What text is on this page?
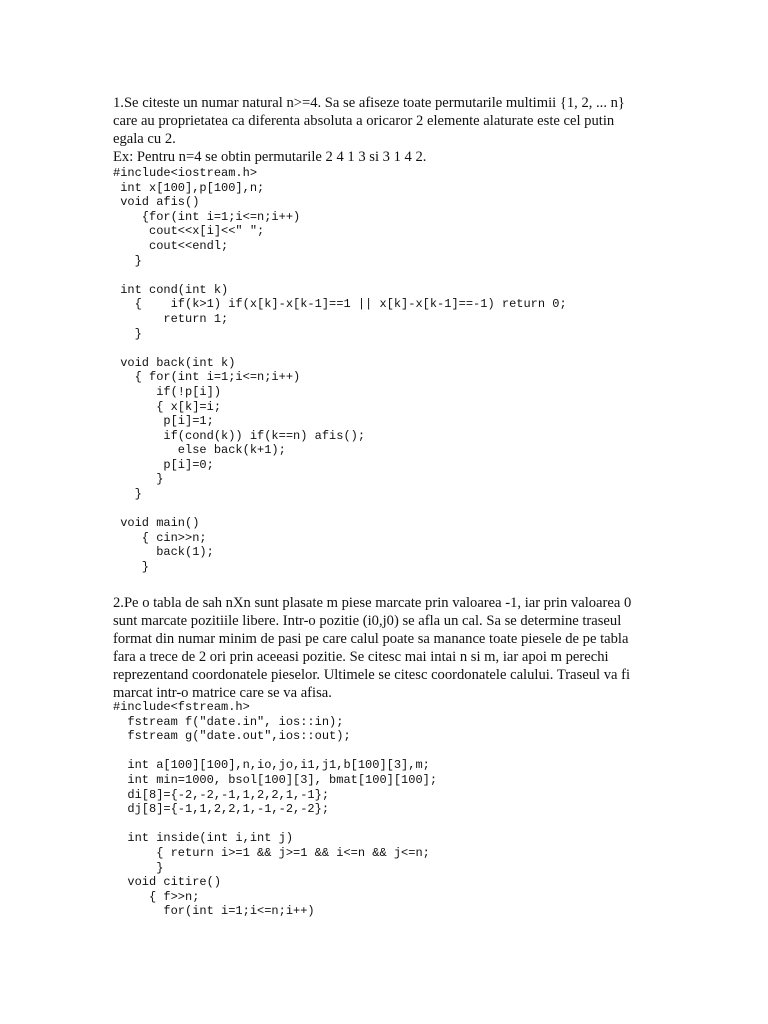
1.Se citeste un numar natural n>=4. Sa se afiseze toate permutarile multimii {1, 2, ... n}
care au proprietatea ca diferenta absoluta a oricaror 2 elemente alaturate este cel putin
egala cu 2.
Ex: Pentru n=4 se obtin permutarile 2 4 1 3 si 3 1 4 2.
#include<iostream.h>
int x[100],p[100],n;
void afis()
{for(int i=1;i<=n;i++)
cout<<x[i]<<" ";
cout<<endl;
}
int cond(int k)
{    if(k>1) if(x[k]-x[k-1]==1 || x[k]-x[k-1]==-1) return 0;
return 1;
}
void back(int k)
{ for(int i=1;i<=n;i++)
if(!p[i])
{ x[k]=i;
p[i]=1;
if(cond(k)) if(k==n) afis();
else back(k+1);
p[i]=0;
}
}
void main()
{ cin>>n;
back(1);
}
2.Pe o tabla de sah nXn sunt plasate m piese marcate prin valoarea -1, iar prin valoarea 0
sunt marcate pozitiile libere. Intr-o pozitie (i0,j0) se afla un cal. Sa se determine traseul
format din numar minim de pasi pe care calul poate sa manance toate piesele de pe tabla
fara a trece de 2 ori prin aceeasi pozitie. Se citesc mai intai n si m, iar apoi m perechi
reprezentand coordonatele pieselor. Ultimele se citesc coordonatele calului. Traseul va fi
marcat intr-o matrice care se va afisa.
#include<fstream.h>
fstream f("date.in", ios::in);
fstream g("date.out",ios::out);
int a[100][100],n,io,jo,i1,j1,b[100][3],m;
int min=1000, bsol[100][3], bmat[100][100];
di[8]={-2,-2,-1,1,2,2,1,-1};
dj[8]={-1,1,2,2,1,-1,-2,-2};
int inside(int i,int j)
{ return i>=1 && j>=1 && i<=n && j<=n;
}
void citire()
{ f>>n;
for(int i=1;i<=n;i++)
